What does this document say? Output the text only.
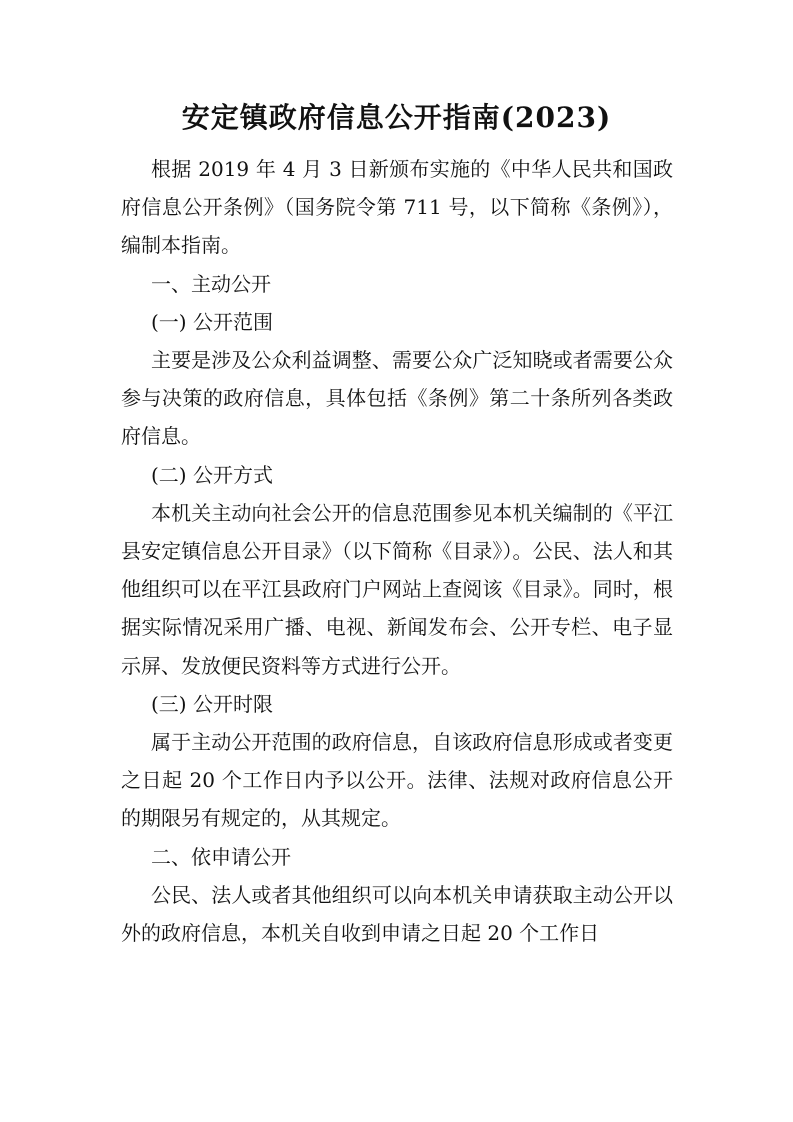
安定镇政府信息公开指南(2023)

根据 2019 年 4 月 3 日新颁布实施的《中华人民共和国政府信息公开条例》（国务院令第 711 号，以下简称《条例》），编制本指南。

一、主动公开

(一) 公开范围

主要是涉及公众利益调整、需要公众广泛知晓或者需要公众参与决策的政府信息，具体包括《条例》第二十条所列各类政府信息。

(二) 公开方式

本机关主动向社会公开的信息范围参见本机关编制的《平江县安定镇信息公开目录》（以下简称《目录》）。公民、法人和其他组织可以在平江县政府门户网站上查阅该《目录》。同时，根据实际情况采用广播、电视、新闻发布会、公开专栏、电子显示屏、发放便民资料等方式进行公开。

(三) 公开时限

属于主动公开范围的政府信息，自该政府信息形成或者变更之日起 20 个工作日内予以公开。法律、法规对政府信息公开的期限另有规定的，从其规定。

二、依申请公开

公民、法人或者其他组织可以向本机关申请获取主动公开以外的政府信息，本机关自收到申请之日起 20 个工作日
